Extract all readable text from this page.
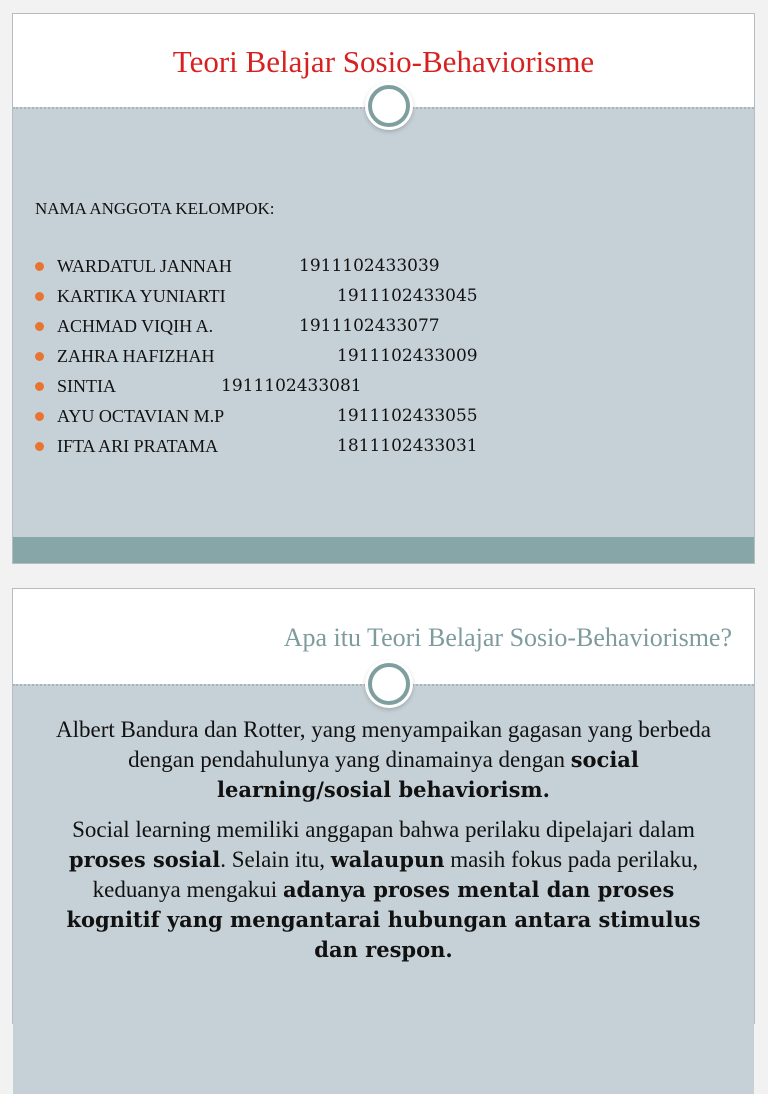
Teori Belajar Sosio-Behaviorisme
NAMA ANGGOTA KELOMPOK:
WARDATUL JANNAH	1911102433039
KARTIKA YUNIARTI	1911102433045
ACHMAD VIQIH A.	1911102433077
ZAHRA HAFIZHAH	1911102433009
SINTIA	1911102433081
AYU OCTAVIAN M.P	1911102433055
IFTA ARI PRATAMA	1811102433031
Apa itu Teori Belajar Sosio-Behaviorisme?
Albert Bandura dan Rotter, yang menyampaikan gagasan yang berbeda dengan pendahulunya yang dinamainya dengan social learning/sosial behaviorism.
Social learning memiliki anggapan bahwa perilaku dipelajari dalam proses sosial. Selain itu, walaupun masih fokus pada perilaku, keduanya mengakui adanya proses mental dan proses kognitif yang mengantarai hubungan antara stimulus dan respon.
